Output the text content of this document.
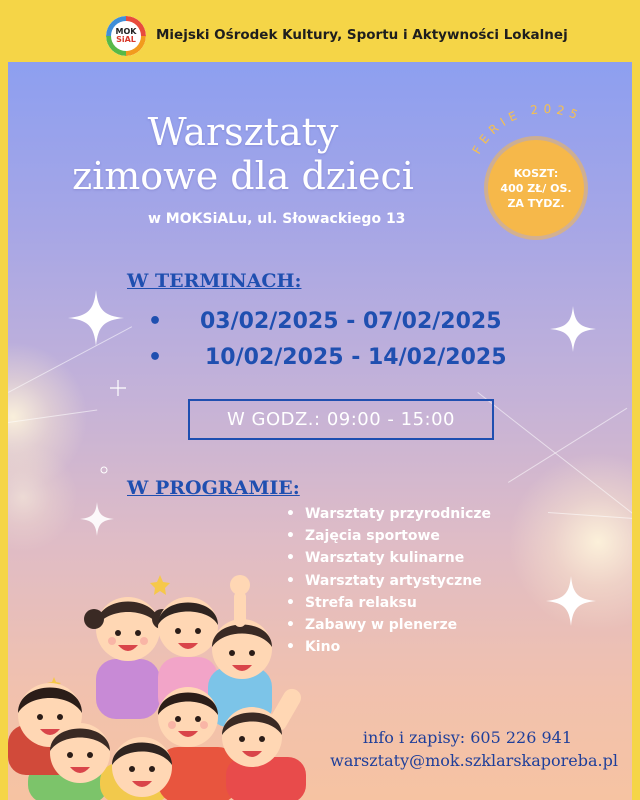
MOK
SiAL Miejski Ośrodek Kultury, Sportu i Aktywności Lokalnej
Warsztaty
zimowe dla dzieci
w MOKSiALu, ul. Słowackiego 13
FERIE 2025
KOSZT:
400 ZŁ/ OS.
ZA TYDZ.
W TERMINACH:
•	03/02/2025 - 07/02/2025
•	10/02/2025 - 14/02/2025
W GODZ.: 09:00 - 15:00
W PROGRAMIE:
• Warsztaty przyrodnicze
• Zajęcia sportowe
• Warsztaty kulinarne
• Warsztaty artystyczne
• Strefa relaksu
• Zabawy w plenerze
• Kino
info i zapisy: 605 226 941
warsztaty@mok.szklarskaporeba.pl
